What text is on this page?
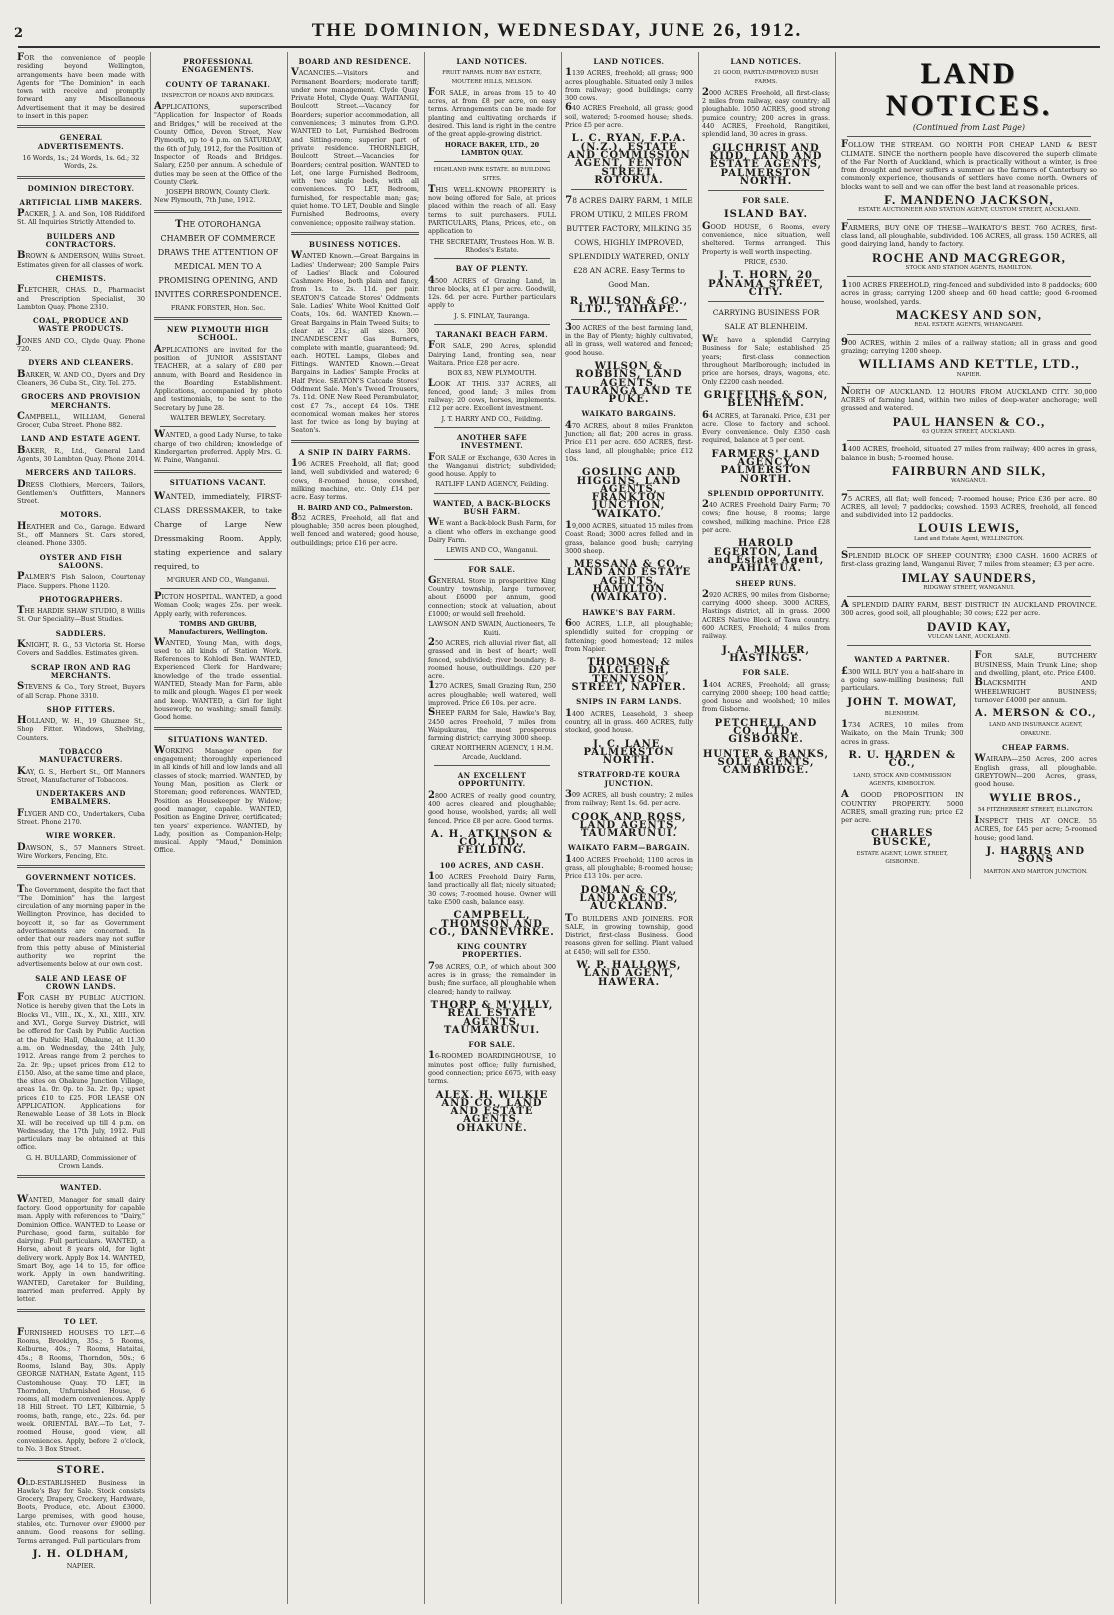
2	THE DOMINION, WEDNESDAY, JUNE 26, 1912.
FOR the convenience of people residing beyond Wellington, arrangements have been made with Agents for "The Dominion" in each town with receive and promptly forward any Miscellaneous Advertisement that it may be desired to insert in this paper.
GENERAL ADVERTISEMENTS.
16 Words, 1s.; 24 Words, 1s. 6d.; 32 Words, 2s.
DOMINION DIRECTORY.
ARTIFICIAL LIMB MAKERS.
PACKER, J. A. and Son, 108 Riddiford St. All Inquiries Strictly Attended to.
BUILDERS AND CONTRACTORS.
BROWN & ANDERSON, Willis Street. Estimates given for all classes of work.
CHEMISTS.
FLETCHER, CHAS. D., Pharmacist and Prescription Specialist, 30 Lambton Quay. Phone 2310.
COAL, PRODUCE AND WASTE PRODUCTS.
JONES AND CO., Clyde Quay. Phone 720.
DYERS AND CLEANERS.
BARKER, W. AND CO., Dyers and Dry Cleaners, 36 Cuba St., City. Tel. 275.
GROCERS AND PROVISION MERCHANTS.
CAMPBELL, WILLIAM, General Grocer, Cuba Street. Phone 882.
LAND AND ESTATE AGENT.
BAKER, R., Ltd., General Land Agents, 30 Lambton Quay. Phone 2014.
MERCERS AND TAILORS.
DRESS Clothiers, Mercers, Tailors, Gentlemen's Outfitters, Manners Street.
MOTORS.
HEATHER and Co., Garage. Edward St., off Manners St. Cars stored, cleaned. Phone 3305.
OYSTER AND FISH SALOONS.
PALMER'S Fish Saloon, Courtenay Place. Suppers. Phone 1120.
PHOTOGRAPHERS.
THE HARDIE SHAW STUDIO, 8 Willis St. Our Speciality—Bust Studies.
SADDLERS.
KNIGHT, R. G., 53 Victoria St. Horse Covers and Saddles. Estimates given.
SCRAP IRON AND RAG MERCHANTS.
STEVENS & Co., Tory Street, Buyers of all Scrap. Phone 3310.
SHOP FITTERS.
HOLLAND, W. H., 19 Ghuznee St., Shop Fitter. Windows, Shelving, Counters.
TOBACCO MANUFACTURERS.
KAY, G. S., Herbert St., Off Manners Street, Manufacturer of Tobaccos.
UNDERTAKERS AND EMBALMERS.
FLYGER AND CO., Undertakers, Cuba Street. Phone 2170.
WIRE WORKER.
DAWSON, S., 57 Manners Street. Wire Workers, Fencing, Etc.
GOVERNMENT NOTICES.
The Government, despite the fact that "The Dominion" has the largest circulation of any morning paper in the Wellington Province, has decided to boycott it, so far as Government advertisements are concerned. In order that our readers may not suffer from this petty abuse of Ministerial authority we reprint the advertisements below at our own cost.
SALE AND LEASE OF CROWN LANDS.
FOR CASH BY PUBLIC AUCTION. Notice is hereby given that the Lots in Blocks VI., VIII., IX., X., XI., XIII., XIV. and XVI., Gorge Survey District, will be offered for Cash by Public Auction at the Public Hall, Ohakune, at 11.30 a.m. on Wednesday, the 24th July, 1912. Areas range from 2 perches to 2a. 2r. 9p.; upset prices from £12 to £150. Also, at the same time and place, the sites on Ohakune Junction Village, areas 1a. 0r. 0p. to 3a. 2r. 0p.; upset prices £10 to £25. FOR LEASE ON APPLICATION. Applications for Renewable Lease of 38 Lots in Block XI. will be received up till 4 p.m. on Wednesday, the 17th July, 1912. Full particulars may be obtained at this office.
G. H. BULLARD, Commissioner of Crown Lands.
WANTED.
WANTED, Manager for small dairy factory. Good opportunity for capable man. Apply with references to "Dairy," Dominion Office. WANTED to Lease or Purchase, good farm, suitable for dairying. Full particulars. WANTED, a Horse, about 8 years old, for light delivery work. Apply Box 14. WANTED, Smart Boy, age 14 to 15, for office work. Apply in own handwriting. WANTED, Caretaker for Building, married man preferred. Apply by letter.
TO LET.
FURNISHED HOUSES TO LET.—6 Rooms, Brooklyn, 35s.; 5 Rooms, Kelburne, 40s.; 7 Rooms, Hataitai, 45s.; 8 Rooms, Thorndon, 50s.; 6 Rooms, Island Bay, 30s. Apply GEORGE NATHAN, Estate Agent, 115 Customhouse Quay. TO LET, in Thorndon, Unfurnished House, 6 rooms, all modern conveniences. Apply 18 Hill Street. TO LET, Kilbirnie, 5 rooms, bath, range, etc., 22s. 6d. per week. ORIENTAL BAY.—To Let, 7-roomed House, good view, all conveniences. Apply, before 2 o'clock, to No. 3 Box Street.
STORE.
OLD-ESTABLISHED Business in Hawke's Bay for Sale. Stock consists Grocery, Drapery, Crockery, Hardware, Boots, Produce, etc. About £3000. Large premises, with good house, stables, etc. Turnover over £9000 per annum. Good reasons for selling. Terms arranged. Full particulars from
J. H. OLDHAM,
NAPIER.
PROFESSIONAL ENGAGEMENTS.
COUNTY OF TARANAKI.
INSPECTOR OF ROADS AND BRIDGES.
APPLICATIONS, superscribed "Application for Inspector of Roads and Bridges," will be received at the County Office, Devon Street, New Plymouth, up to 4 p.m. on SATURDAY, the 6th of July, 1912, for the Position of Inspector of Roads and Bridges. Salary, £250 per annum. A schedule of duties may be seen at the Office of the County Clerk.
JOSEPH BROWN, County Clerk.
New Plymouth, 7th June, 1912.
THE OTOROHANGA CHAMBER OF COMMERCE DRAWS THE ATTENTION OF MEDICAL MEN TO A PROMISING OPENING, AND INVITES CORRESPONDENCE.
FRANK FORSTER, Hon. Sec.
NEW PLYMOUTH HIGH SCHOOL.
APPLICATIONS are invited for the position of JUNIOR ASSISTANT TEACHER, at a salary of £80 per annum, with Board and Residence in the Boarding Establishment. Applications, accompanied by photo and testimonials, to be sent to the Secretary by June 28.
WALTER BEWLEY, Secretary.
WANTED, a good Lady Nurse, to take charge of two children; knowledge of Kindergarten preferred. Apply Mrs. G. W. Paine, Wanganui.
SITUATIONS VACANT.
WANTED, immediately, FIRST-CLASS DRESSMAKER, to take Charge of Large New Dressmaking Room. Apply, stating experience and salary required, to
M'GRUER AND CO., Wanganui.
PICTON HOSPITAL. WANTED, a good Woman Cook; wages 25s. per week. Apply early, with references.
TOMBS AND GRUBB, Manufacturers, Wellington.
WANTED, Young Man, with dogs, used to all kinds of Station Work. References to Kohlodi Ben. WANTED, Experienced Clerk for Hardware; knowledge of the trade essential. WANTED, Steady Man for Farm, able to milk and plough. Wages £1 per week and keep. WANTED, a Girl for light housework; no washing; small family. Good home.
SITUATIONS WANTED.
WORKING Manager open for engagement; thoroughly experienced in all kinds of hill and low lands and all classes of stock; married. WANTED, by Young Man, position as Clerk or Storeman; good references. WANTED, Position as Housekeeper by Widow; good manager, capable. WANTED, Position as Engine Driver, certificated; ten years' experience. WANTED, by Lady, position as Companion-Help; musical. Apply "Maud," Dominion Office.
BOARD AND RESIDENCE.
VACANCIES.—Visitors and Permanent Boarders; moderate tariff; under new management. Clyde Quay Private Hotel, Clyde Quay. WAITANGI, Boulcott Street.—Vacancy for Boarders; superior accommodation, all conveniences; 3 minutes from G.P.O. WANTED to Let, Furnished Bedroom and Sitting-room; superior part of private residence. THORNLEIGH, Boulcott Street.—Vacancies for Boarders; central position. WANTED to Let, one large Furnished Bedroom, with two single beds, with all conveniences. TO LET, Bedroom, furnished, for respectable man; gas; quiet home. TO LET, Double and Single Furnished Bedrooms, every convenience; opposite railway station.
BUSINESS NOTICES.
WANTED Known.—Great Bargains in Ladies' Underwear; 200 Sample Pairs of Ladies' Black and Coloured Cashmere Hose, both plain and fancy, from 1s. to 2s. 11d. per pair. SEATON'S Catcade Stores' Oddments Sale. Ladies' White Wool Knitted Golf Coats, 10s. 6d. WANTED Known.—Great Bargains in Plain Tweed Suits; to clear at 21s.; all sizes. 300 INCANDESCENT Gas Burners, complete with mantle, guaranteed; 9d. each. HOTEL Lamps, Globes and Fittings. WANTED Known.—Great Bargains in Ladies' Sample Frocks at Half Price. SEATON'S Catcade Stores' Oddment Sale. Men's Tweed Trousers, 7s. 11d. ONE New Reed Perambulator, cost £7 7s., accept £4 10s. THE economical woman makes her stores last for twice as long by buying at Seaton's.
A SNIP IN DAIRY FARMS.
196 ACRES Freehold, all flat; good land, well subdivided and watered; 6 cows, 8-roomed house, cowshed, milking machine, etc. Only £14 per acre. Easy terms.
H. BAIRD AND CO., Palmerston.
852 ACRES, Freehold, all flat and ploughable; 350 acres been ploughed, well fenced and watered; good house, outbuildings; price £16 per acre.
LAND NOTICES.
FRUIT FARMS. RUBY BAY ESTATE, MOUTERE HILLS, NELSON.
FOR SALE, in areas from 15 to 40 acres, at from £8 per acre, on easy terms. Arrangements can be made for planting and cultivating orchards if desired. This land is right in the centre of the great apple-growing district.
HORACE BAKER, LTD., 20 LAMBTON QUAY.
HIGHLAND PARK ESTATE. 80 BUILDING SITES.
THIS WELL-KNOWN PROPERTY is now being offered for Sale, at prices placed within the reach of all. Easy terms to suit purchasers. FULL PARTICULARS, Plans, Prices, etc., on application to
THE SECRETARY, Trustees Hon. W. B. Rhodes's Estate.
BAY OF PLENTY.
4500 ACRES of Grazing Land, in three blocks, at £1 per acre. Goodwill, 12s. 6d. per acre. Further particulars apply to
J. S. FINLAY, Tauranga.
TARANAKI BEACH FARM.
FOR SALE, 290 Acres, splendid Dairying Land, fronting sea, near Waitara. Price £28 per acre.
BOX 83, NEW PLYMOUTH.
LOOK AT THIS. 337 ACRES, all fenced, good land; 3 miles from railway; 20 cows, horses, implements. £12 per acre. Excellent investment.
J. T. HARRY AND CO., Feilding.
ANOTHER SAFE INVESTMENT.
FOR SALE or Exchange, 630 Acres in the Wanganui district; subdivided; good house. Apply to
RATLIFF LAND AGENCY, Feilding.
WANTED, A BACK-BLOCKS BUSH FARM.
WE want a Back-block Bush Farm, for a client who offers in exchange good Dairy Farm.
LEWIS AND CO., Wanganui.
FOR SALE.
GENERAL Store in prosperitive King Country township, large turnover, about £6000 per annum, good connection; stock at valuation, about £1000; or would sell freehold.
LAWSON AND SWAIN, Auctioneers, Te Kuiti.
250 ACRES, rich alluvial river flat, all grassed and in best of heart; well fenced, subdivided; river boundary; 8-roomed house, outbuildings. £20 per acre.
1270 ACRES, Small Grazing Run, 250 acres ploughable; well watered, well improved. Price £6 10s. per acre.
SHEEP FARM for Sale, Hawke's Bay, 2450 acres Freehold, 7 miles from Waipukurau, the most prosperous farming district; carrying 3000 sheep.
GREAT NORTHERN AGENCY, 1 H.M. Arcade, Auckland.
AN EXCELLENT OPPORTUNITY.
2800 ACRES of really good country, 400 acres cleared and ploughable; good house, woolshed, yards; all well fenced. Price £8 per acre. Good terms.
A. H. ATKINSON & CO., LTD., FEILDING.
100 ACRES, AND CASH.
100 ACRES Freehold Dairy Farm, land practically all flat; nicely situated; 30 cows; 7-roomed house. Owner will take £500 cash, balance easy.
CAMPBELL, THOMSON AND CO., DANNEVIRKE.
KING COUNTRY PROPERTIES.
798 ACRES, O.P., of which about 300 acres is in grass; the remainder in bush; fine surface, all ploughable when cleared; handy to railway.
THORP & M'VILLY, REAL ESTATE AGENTS, TAUMARUNUI.
FOR SALE.
16-ROOMED BOARDINGHOUSE, 10 minutes post office; fully furnished, good connection; price £675, with easy terms.
ALEX. H. WILKIE AND CO., LAND AND ESTATE AGENTS, OHAKUNE.
LAND NOTICES.
1139 ACRES, freehold; all grass; 900 acres ploughable. Situated only 3 miles from railway; good buildings; carry 300 cows.
640 ACRES Freehold, all grass; good soil, watered; 5-roomed house; sheds. Price £5 per acre.
L. C. RYAN, F.P.A. (N.Z.), ESTATE AND COMMISSION AGENT, FENTON STREET, ROTORUA.
78 ACRES DAIRY FARM, 1 MILE FROM UTIKU, 2 MILES FROM BUTTER FACTORY, MILKING 35 COWS, HIGHLY IMPROVED, SPLENDIDLY WATERED, ONLY £28 AN ACRE. Easy Terms to Good Man.
R. WILSON & CO., LTD., TAIHAPE.
300 ACRES of the best farming land, in the Bay of Plenty; highly cultivated, all in grass, well watered and fenced; good house.
WILSON & ROBBINS, LAND AGENTS, TAURANGA AND TE PUKE.
WAIKATO BARGAINS.
470 ACRES, about 8 miles Frankton Junction; all flat; 200 acres in grass. Price £11 per acre. 650 ACRES, first-class land, all ploughable; price £12 10s.
GOSLING AND HIGGINS, LAND AGENTS, FRANKTON JUNCTION, WAIKATO.
19,000 ACRES, situated 15 miles from Coast Road; 3000 acres felled and in grass, balance good bush; carrying 3000 sheep.
MESSANA & CO., LAND AND ESTATE AGENTS, HAMILTON (WAIKATO).
HAWKE'S BAY FARM.
600 ACRES, L.I.P., all ploughable; splendidly suited for cropping or fattening; good homestead; 12 miles from Napier.
THOMSON & DALGLEISH, TENNYSON STREET, NAPIER.
SNIPS IN FARM LANDS.
1400 ACRES, Leasehold, 3 sheep country, all in grass. 460 ACRES, fully stocked, good house.
J. C. LANE, PALMERSTON NORTH.
STRATFORD-TE KOURA JUNCTION.
309 ACRES, all bush country; 2 miles from railway; Rent 1s. 6d. per acre.
COOK AND ROSS, LAND AGENTS, TAUMARUNUI.
WAIKATO FARM—BARGAIN.
1400 ACRES Freehold; 1100 acres in grass, all ploughable; 8-roomed house; Price £13 10s. per acre.
DOMAN & CO., LAND AGENTS, AUCKLAND.
TO BUILDERS AND JOINERS. FOR SALE, in growing township, good District, first-class Business. Good reasons given for selling. Plant valued at £450; will sell for £350.
W. P. HALLOWS, LAND AGENT, HAWERA.
LAND NOTICES.
21 GOOD, PARTLY-IMPROVED BUSH FARMS.
2000 ACRES Freehold, all first-class; 2 miles from railway, easy country; all ploughable. 1050 ACRES, good strong pumice country; 200 acres in grass. 440 ACRES, Freehold, Rangitikei, splendid land, 30 acres in grass.
GILCHRIST AND KIDD, LAND AND ESTATE AGENTS, PALMERSTON NORTH.
FOR SALE.
ISLAND BAY.
GOOD HOUSE, 6 Rooms, every convenience, nice situation, well sheltered. Terms arranged. This Property is well worth inspecting.
PRICE, £530.
J. T. HORN, 20 PANAMA STREET, CITY.
CARRYING BUSINESS FOR SALE AT BLENHEIM.
WE have a splendid Carrying Business for Sale; established 25 years; first-class connection throughout Marlborough; included in price are horses, drays, wagons, etc. Only £2200 cash needed.
GRIFFITHS & SON, BLENHEIM.
64 ACRES, at Taranaki. Price, £31 per acre. Close to factory and school. Every convenience. Only £350 cash required, balance at 5 per cent.
FARMERS' LAND AGENCY, PALMERSTON NORTH.
SPLENDID OPPORTUNITY.
240 ACRES Freehold Dairy Farm; 70 cows; fine house, 8 rooms; large cowshed, milking machine. Price £28 per acre.
HAROLD EGERTON, Land and Estate Agent, PAHIATUA.
SHEEP RUNS.
2920 ACRES, 90 miles from Gisborne; carrying 4000 sheep. 3000 ACRES, Hastings district, all in grass. 2000 ACRES Native Block of Tawa country. 600 ACRES, Freehold; 4 miles from railway.
J. A. MILLER, HASTINGS.
FOR SALE.
1404 ACRES, Freehold; all grass; carrying 2000 sheep; 100 head cattle; good house and woolshed; 10 miles from Gisborne.
PETCHELL AND CO., LTD., GISBORNE.
HUNTER & BANKS, SOLE AGENTS, CAMBRIDGE.
LAND NOTICES.
(Continued from Last Page)
FOLLOW THE STREAM. GO NORTH FOR CHEAP LAND & BEST CLIMATE. SINCE the northern people have discovered the superb climate of the Far North of Auckland, which is practically without a winter, is free from drought and never suffers a summer as the farmers of Canterbury so commonly experience, thousands of settlers have come north. Owners of blocks want to sell and we can offer the best land at reasonable prices.
F. MANDENO JACKSON,
ESTATE AUCTIONEER AND STATION AGENT, CUSTOM STREET, AUCKLAND.
FARMERS, BUY ONE OF THESE—WAIKATO'S BEST. 760 ACRES, first-class land, all ploughable, subdivided. 106 ACRES, all grass. 150 ACRES, all good dairying land, handy to factory.
ROCHE AND MACGREGOR,
STOCK AND STATION AGENTS, HAMILTON.
1100 ACRES FREEHOLD, ring-fenced and subdivided into 8 paddocks; 600 acres in grass; carrying 1200 sheep and 60 head cattle; good 6-roomed house, woolshed, yards.
MACKESY AND SON,
REAL ESTATE AGENTS, WHANGAREI.
900 ACRES, within 2 miles of a railway station; all in grass and good grazing; carrying 1200 sheep.
WILLIAMS AND KETTLE, LTD.,
NAPIER.
NORTH OF AUCKLAND. 12 HOURS FROM AUCKLAND CITY. 30,000 ACRES of farming land, within two miles of deep-water anchorage; well grassed and watered.
PAUL HANSEN & CO.,
63 QUEEN STREET, AUCKLAND.
1400 ACRES, freehold, situated 27 miles from railway; 400 acres in grass, balance in bush; 5-roomed house.
FAIRBURN AND SILK,
WANGANUI.
75 ACRES, all flat; well fenced; 7-roomed house; Price £36 per acre. 80 ACRES, all level; 7 paddocks; cowshed. 1593 ACRES, freehold, all fenced and subdivided into 12 paddocks.
LOUIS LEWIS,
Land and Estate Agent, WELLINGTON.
SPLENDID BLOCK OF SHEEP COUNTRY; £300 CASH. 1600 ACRES of first-class grazing land, Wanganui River, 7 miles from steamer; £3 per acre.
IMLAY SAUNDERS,
RIDGWAY STREET, WANGANUI.
A SPLENDID DAIRY FARM, BEST DISTRICT IN AUCKLAND PROVINCE. 300 acres, good soil, all ploughable; 30 cows; £22 per acre.
DAVID KAY,
VULCAN LANE, AUCKLAND.
WANTED A PARTNER.
£300 WILL BUY you a half-share in a going saw-milling business; full particulars.
JOHN T. MOWAT,
BLENHEIM.
1734 ACRES, 10 miles from Waikato, on the Main Trunk; 300 acres in grass.
R. U. HARDEN & CO.,
LAND, STOCK AND COMMISSION AGENTS, KIMBOLTON.
A GOOD PROPOSITION IN COUNTRY PROPERTY. 5000 ACRES, small grazing run; price £2 per acre.
CHARLES BUSCKE,
ESTATE AGENT, LOWE STREET, GISBORNE.
FOR SALE, BUTCHERY BUSINESS, Main Trunk Line; shop and dwelling, plant, etc. Price £400.
BLACKSMITH AND WHEELWRIGHT BUSINESS; turnover £4000 per annum.
A. MERSON & CO.,
LAND AND INSURANCE AGENT, OPAKUNE.
CHEAP FARMS.
WAIRAPA—250 Acres, 200 acres English grass, all ploughable. GREYTOWN—200 Acres, grass, good house.
WYLIE BROS.,
54 FITZHERBERT STREET, ELLINGTON.
INSPECT THIS AT ONCE. 55 ACRES, for £45 per acre; 5-roomed house; good land.
J. HARRIS AND SONS
MARTON AND MARTON JUNCTION.
